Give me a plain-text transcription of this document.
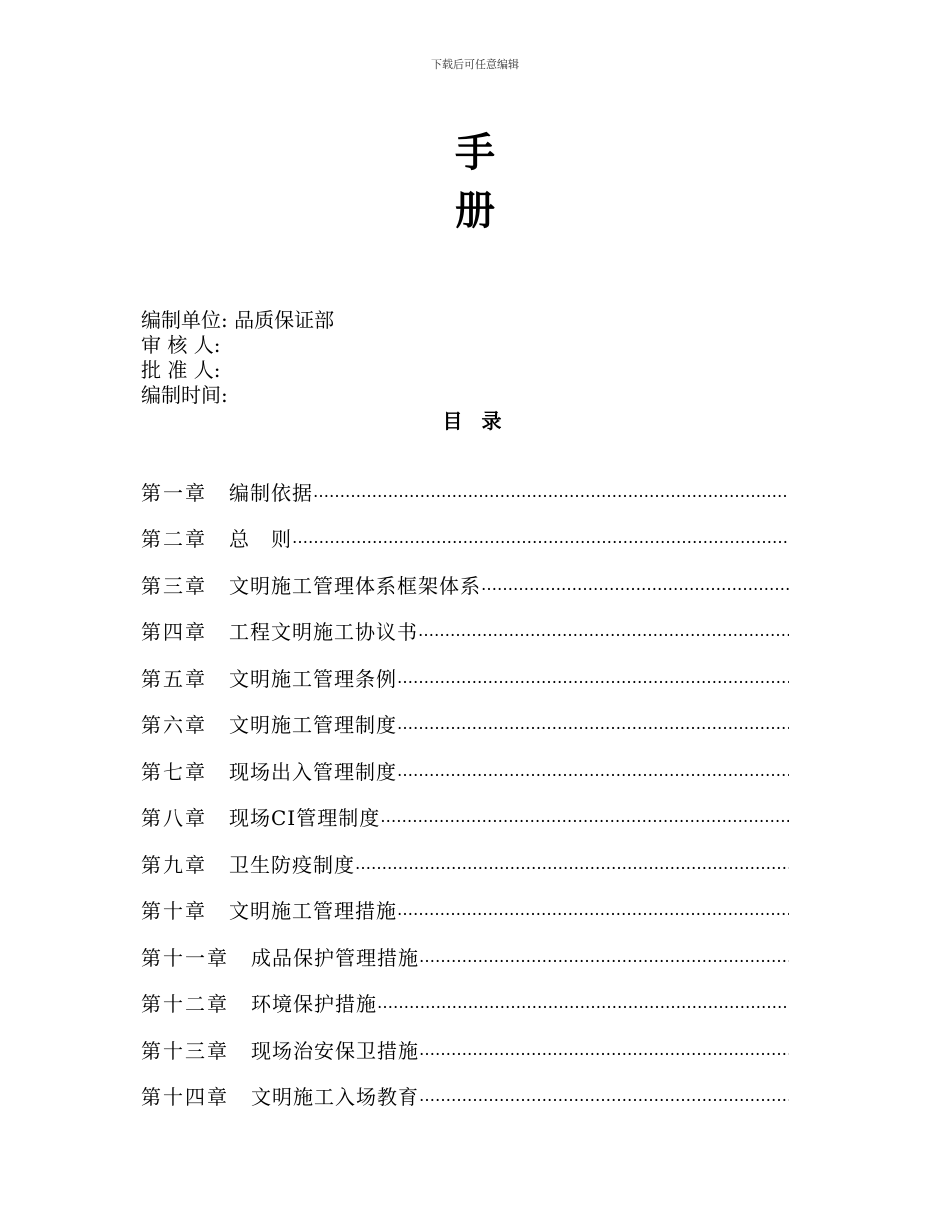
下载后可任意编辑
手
册
编制单位: 品质保证部
审 核 人:
批 准 人:
编制时间:
目 录
第一章 编制依据
……………………………………………………………………………………………………………………………………………………………
第二章 总　则
……………………………………………………………………………………………………………………………………………………………
第三章 文明施工管理体系框架体系
……………………………………………………………………………………………………………………………………………………………
第四章 工程文明施工协议书
……………………………………………………………………………………………………………………………………………………………
第五章 文明施工管理条例
……………………………………………………………………………………………………………………………………………………………
第六章 文明施工管理制度
……………………………………………………………………………………………………………………………………………………………
第七章 现场出入管理制度
……………………………………………………………………………………………………………………………………………………………
第八章 现场CI管理制度
……………………………………………………………………………………………………………………………………………………………
第九章 卫生防疫制度
……………………………………………………………………………………………………………………………………………………………
第十章 文明施工管理措施
……………………………………………………………………………………………………………………………………………………………
第十一章 成品保护管理措施
……………………………………………………………………………………………………………………………………………………………
第十二章 环境保护措施
……………………………………………………………………………………………………………………………………………………………
第十三章 现场治安保卫措施
……………………………………………………………………………………………………………………………………………………………
第十四章 文明施工入场教育
……………………………………………………………………………………………………………………………………………………………
